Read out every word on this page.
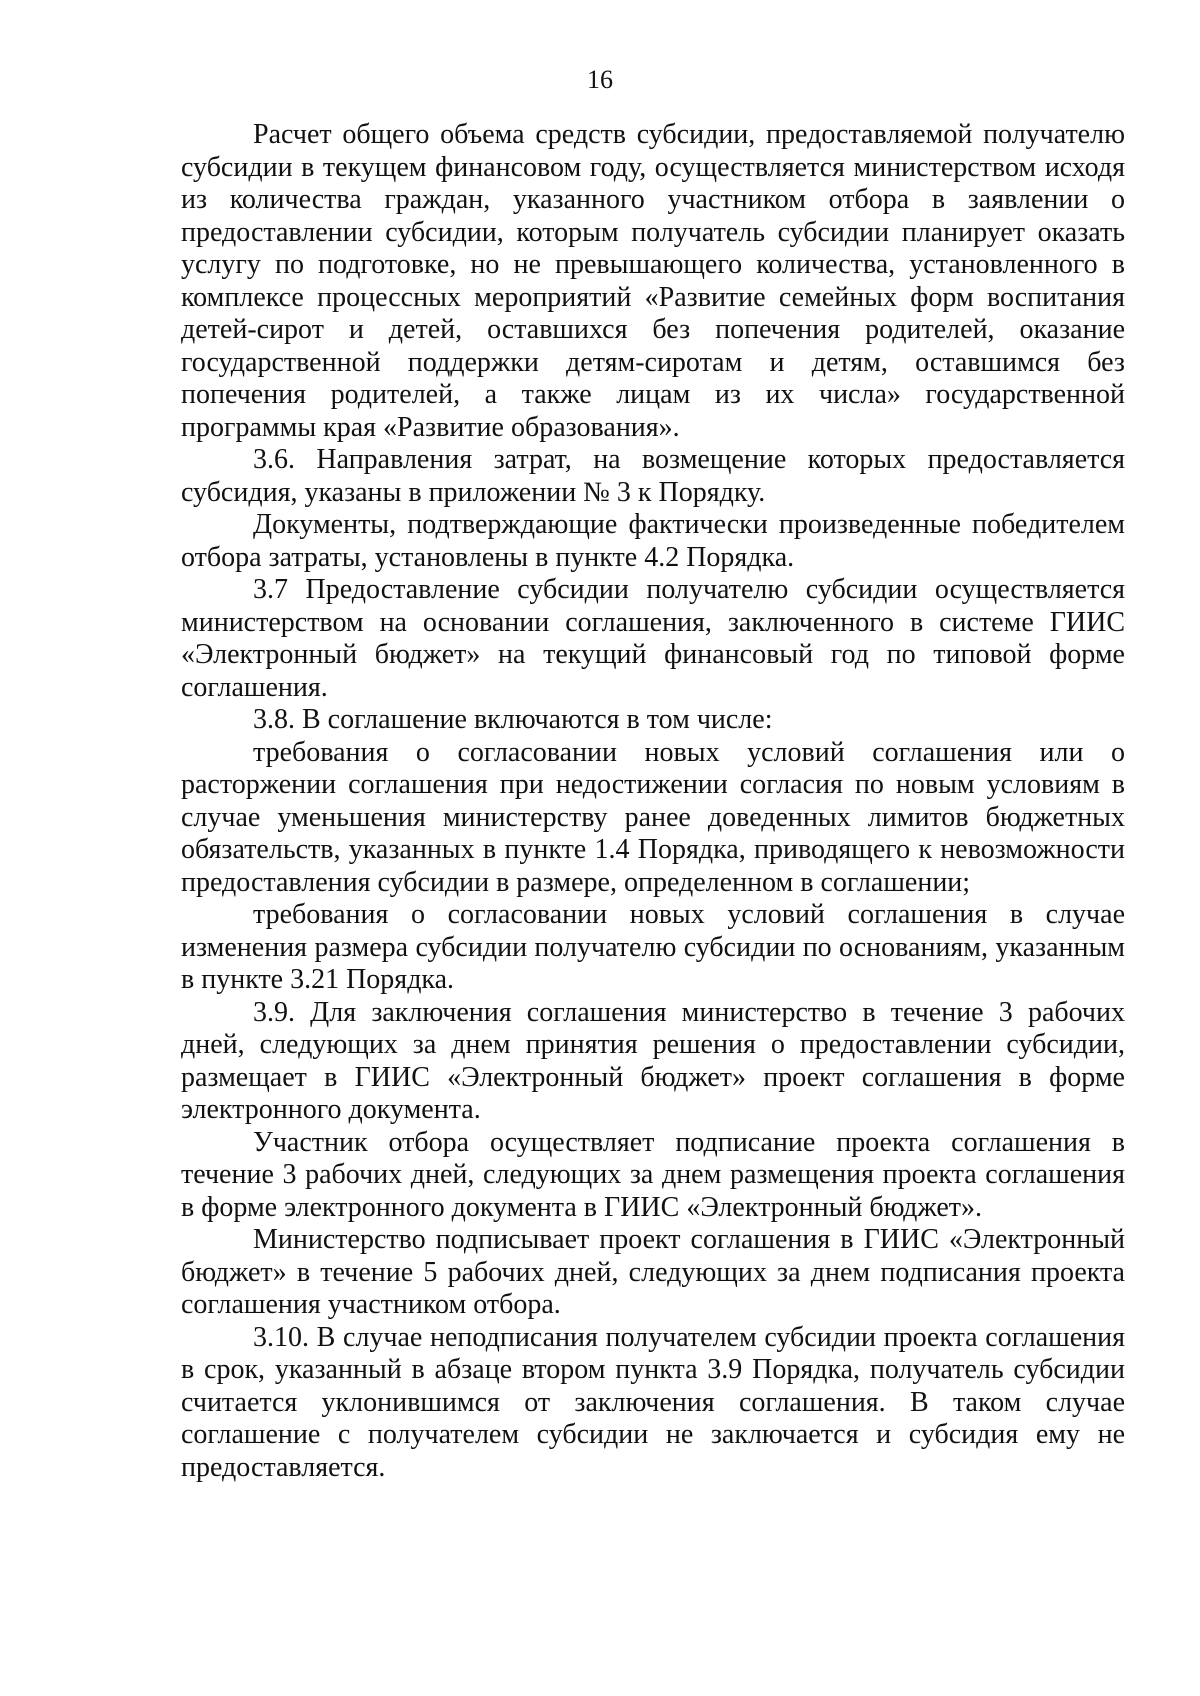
16

Расчет общего объема средств субсидии, предоставляемой получателю субсидии в текущем финансовом году, осуществляется министерством исходя из количества граждан, указанного участником отбора в заявлении о предоставлении субсидии, которым получатель субсидии планирует оказать услугу по подготовке, но не превышающего количества, установленного в комплексе процессных мероприятий «Развитие семейных форм воспитания детей-сирот и детей, оставшихся без попечения родителей, оказание государственной поддержки детям-сиротам и детям, оставшимся без попечения родителей, а также лицам из их числа» государственной программы края «Развитие образования».

3.6. Направления затрат, на возмещение которых предоставляется субсидия, указаны в приложении № 3 к Порядку.

Документы, подтверждающие фактически произведенные победителем отбора затраты, установлены в пункте 4.2 Порядка.

3.7 Предоставление субсидии получателю субсидии осуществляется министерством на основании соглашения, заключенного в системе ГИИС «Электронный бюджет» на текущий финансовый год по типовой форме соглашения.

3.8. В соглашение включаются в том числе:

требования о согласовании новых условий соглашения или о расторжении соглашения при недостижении согласия по новым условиям в случае уменьшения министерству ранее доведенных лимитов бюджетных обязательств, указанных в пункте 1.4 Порядка, приводящего к невозможности предоставления субсидии в размере, определенном в соглашении;

требования о согласовании новых условий соглашения в случае изменения размера субсидии получателю субсидии по основаниям, указанным в пункте 3.21 Порядка.

3.9. Для заключения соглашения министерство в течение 3 рабочих дней, следующих за днем принятия решения о предоставлении субсидии, размещает в ГИИС «Электронный бюджет» проект соглашения в форме электронного документа.

Участник отбора осуществляет подписание проекта соглашения в течение 3 рабочих дней, следующих за днем размещения проекта соглашения в форме электронного документа в ГИИС «Электронный бюджет».

Министерство подписывает проект соглашения в ГИИС «Электронный бюджет» в течение 5 рабочих дней, следующих за днем подписания проекта соглашения участником отбора.

3.10. В случае неподписания получателем субсидии проекта соглашения в срок, указанный в абзаце втором пункта 3.9 Порядка, получатель субсидии считается уклонившимся от заключения соглашения. В таком случае соглашение с получателем субсидии не заключается и субсидия ему не предоставляется.
